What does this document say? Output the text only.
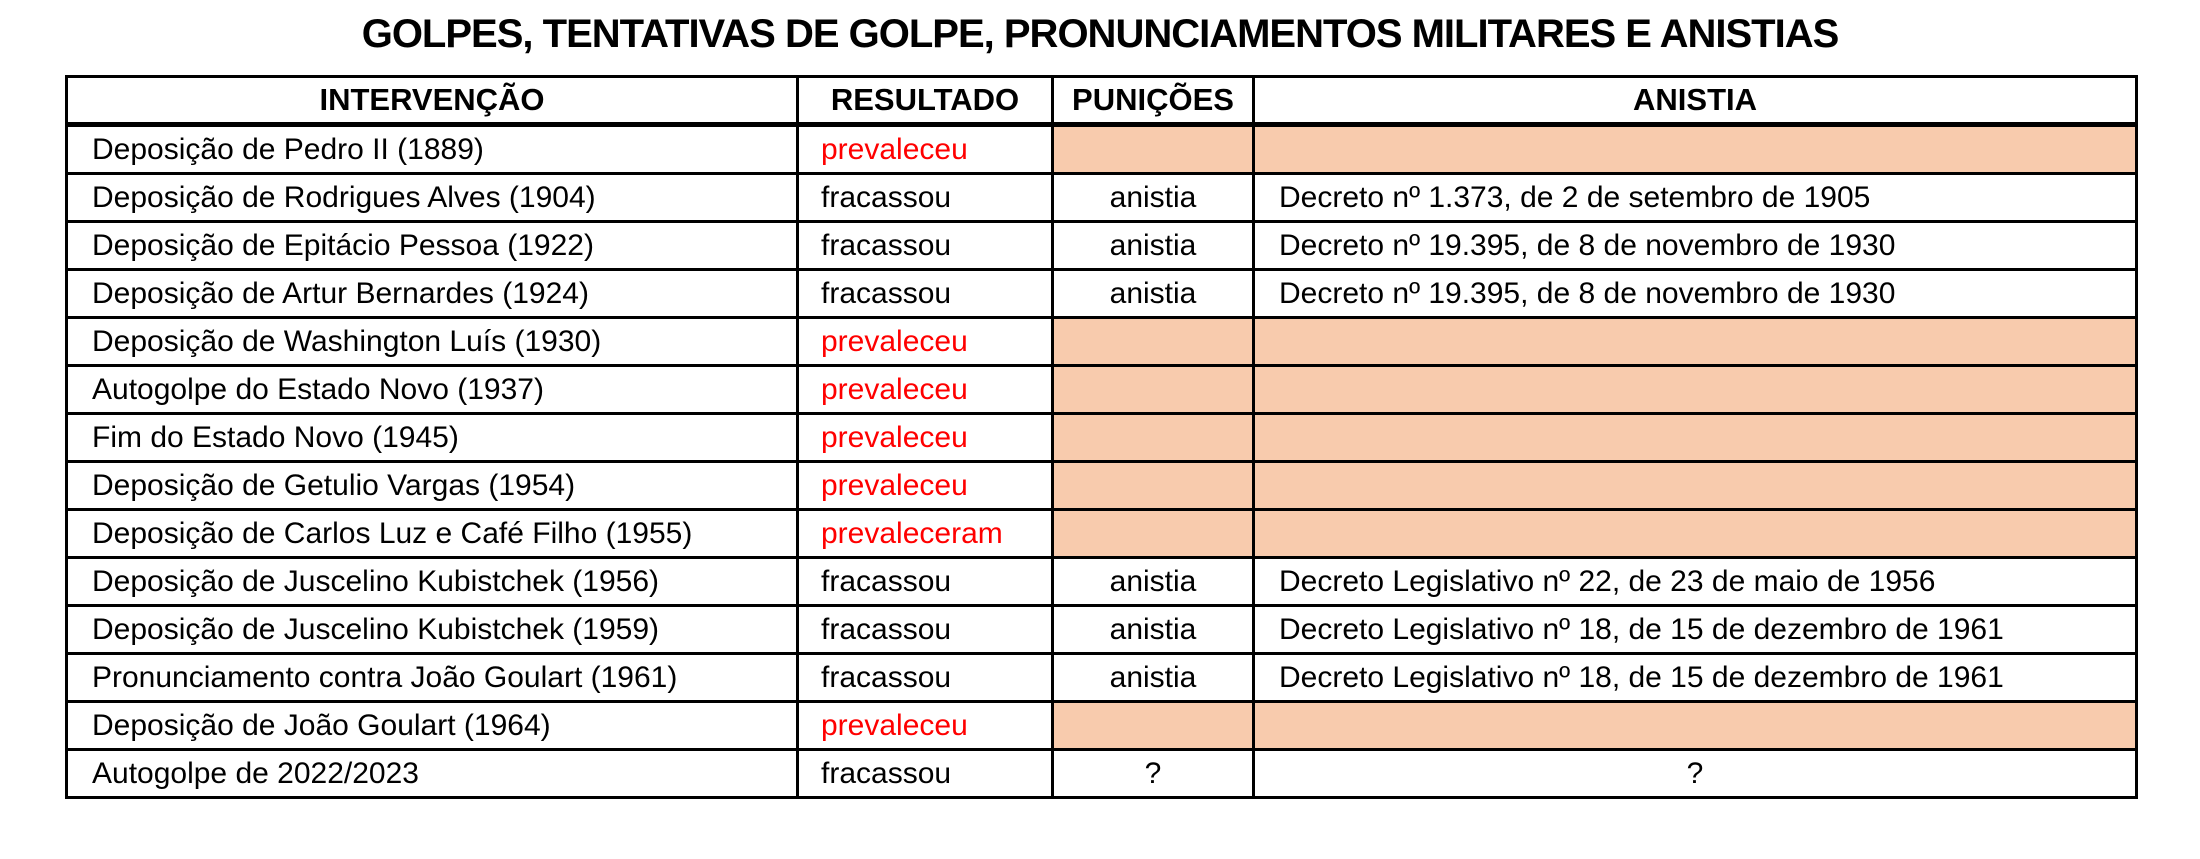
GOLPES, TENTATIVAS DE GOLPE, PRONUNCIAMENTOS MILITARES E ANISTIAS
INTERVENÇÃO	RESULTADO	PUNIÇÕES	ANISTIA
Deposição de Pedro II (1889)	prevaleceu		
Deposição de Rodrigues Alves (1904)	fracassou	anistia	Decreto nº 1.373, de 2 de setembro de 1905
Deposição de Epitácio Pessoa (1922)	fracassou	anistia	Decreto nº 19.395, de 8 de novembro de 1930
Deposição de Artur Bernardes (1924)	fracassou	anistia	Decreto nº 19.395, de 8 de novembro de 1930
Deposição de Washington Luís (1930)	prevaleceu		
Autogolpe do Estado Novo (1937)	prevaleceu		
Fim do Estado Novo (1945)	prevaleceu		
Deposição de Getulio Vargas (1954)	prevaleceu		
Deposição de Carlos Luz e Café Filho (1955)	prevaleceram		
Deposição de Juscelino Kubistchek (1956)	fracassou	anistia	Decreto Legislativo nº 22, de 23 de maio de 1956
Deposição de Juscelino Kubistchek (1959)	fracassou	anistia	Decreto Legislativo nº 18, de 15 de dezembro de 1961
Pronunciamento contra João Goulart (1961)	fracassou	anistia	Decreto Legislativo nº 18, de 15 de dezembro de 1961
Deposição de João Goulart (1964)	prevaleceu		
Autogolpe de 2022/2023	fracassou	?	?
